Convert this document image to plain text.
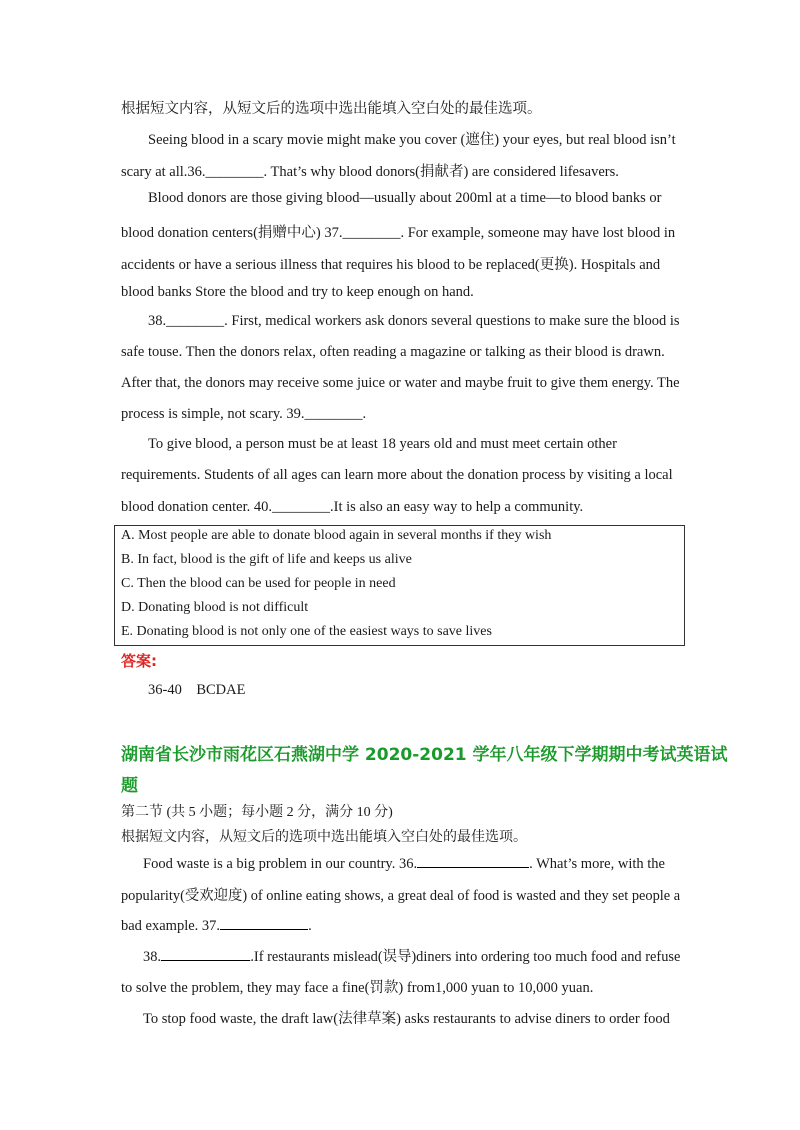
根据短文内容，从短文后的选项中选出能填入空白处的最佳选项。
Seeing blood in a scary movie might make you cover (遮住) your eyes, but real blood isn’t
scary at all.36.________. That’s why blood donors(捐献者) are considered lifesavers.
Blood donors are those giving blood—usually about 200ml at a time—to blood banks or
blood donation centers(捐赠中心) 37.________. For example, someone may have lost blood in
accidents or have a serious illness that requires his blood to be replaced(更换). Hospitals and
blood banks Store the blood and try to keep enough on hand.
38.________. First, medical workers ask donors several questions to make sure the blood is
safe touse. Then the donors relax, often reading a magazine or talking as their blood is drawn.
After that, the donors may receive some juice or water and maybe fruit to give them energy. The
process is simple, not scary. 39.________.
To give blood, a person must be at least 18 years old and must meet certain other
requirements. Students of all ages can learn more about the donation process by visiting a local
blood donation center. 40.________.It is also an easy way to help a community.
A. Most people are able to donate blood again in several months if they wish
B. In fact, blood is the gift of life and keeps us alive
C. Then the blood can be used for people in need
D. Donating blood is not difficult
E. Donating blood is not only one of the easiest ways to save lives
答案:
36-40    BCDAE
湖南省长沙市雨花区石燕湖中学 2020-2021 学年八年级下学期期中考试英语试
题
第二节 (共 5 小题；每小题 2 分，满分 10 分)
根据短文内容，从短文后的选项中选出能填入空白处的最佳选项。
Food waste is a big problem in our country. 36.	. What’s more, with the
popularity(受欢迎度) of online eating shows, a great deal of food is wasted and they set people a
bad example. 37.	.
38.	.If restaurants mislead(误导)diners into ordering too much food and refuse
to solve the problem, they may face a fine(罚款) from1,000 yuan to 10,000 yuan.
To stop food waste, the draft law(法律草案) asks restaurants to advise diners to order food
